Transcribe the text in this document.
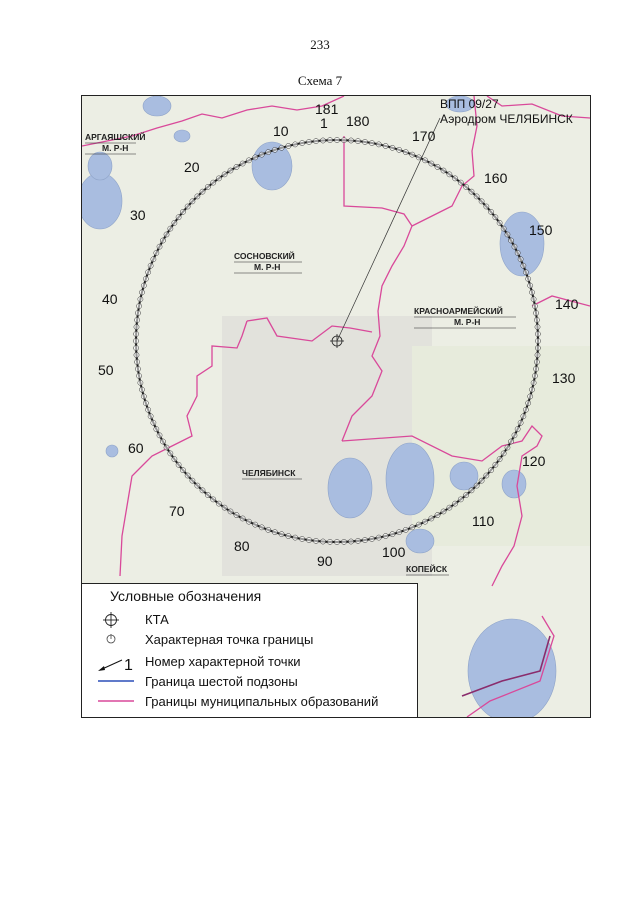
233
Схема 7
ВПП 09/27
Аэродром ЧЕЛЯБИНСК
1
10
20
30
40
50
60
70
80
90
100
110
120
130
140
150
160
170
180
181
АРГАЯШСКИЙ
М. Р-Н
СОСНОВСКИЙ
М. Р-Н
КРАСНОАРМЕЙСКИЙ
М. Р-Н
ЧЕЛЯБИНСК
КОПЕЙСК
Условные обозначения
КТА
Характерная точка границы
1 Номер характерной точки
Граница шестой подзоны
Границы муниципальных образований
